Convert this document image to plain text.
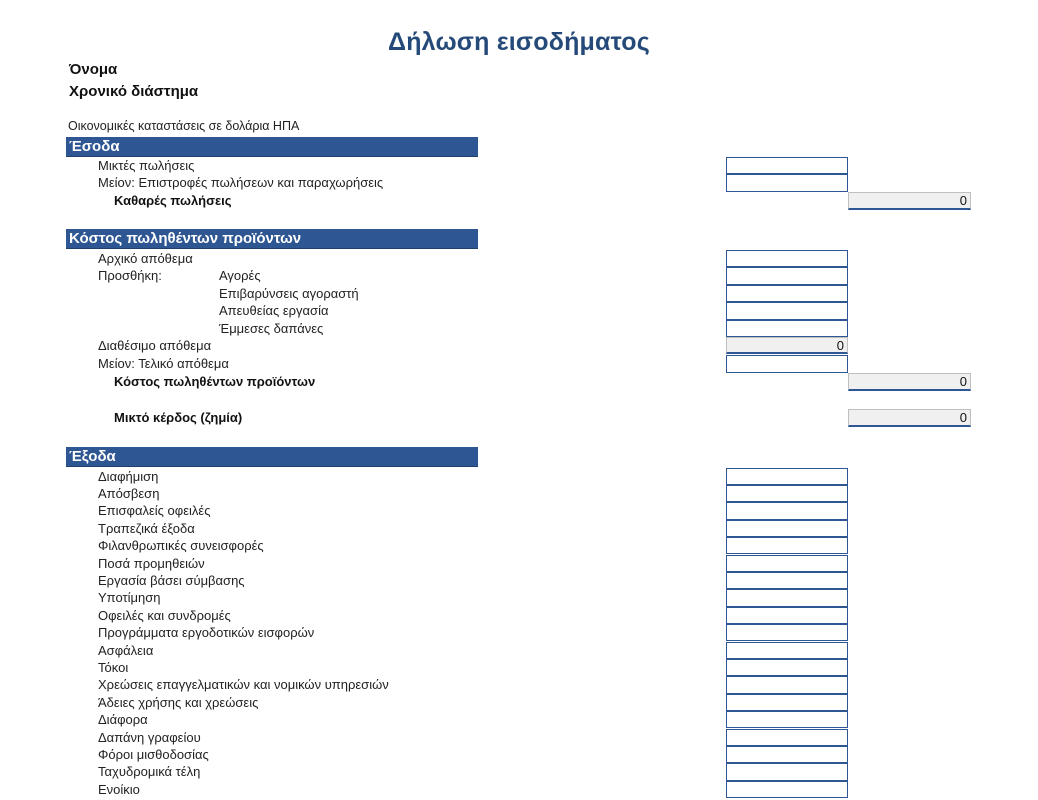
Δήλωση εισοδήματος
Όνομα
Χρονικό διάστημα
Οικονομικές καταστάσεις σε δολάρια ΗΠΑ
Έσοδα
Μικτές πωλήσεις
Μείον: Επιστροφές πωλήσεων και παραχωρήσεις
Καθαρές πωλήσεις	0
Κόστος πωληθέντων προϊόντων
Αρχικό απόθεμα
Προσθήκη:	Αγορές
Επιβαρύνσεις αγοραστή
Απευθείας εργασία
Έμμεσες δαπάνες
Διαθέσιμο απόθεμα	0
Μείον: Τελικό απόθεμα
Κόστος πωληθέντων προϊόντων	0
Μικτό κέρδος (ζημία)	0
Έξοδα
Διαφήμιση
Απόσβεση
Επισφαλείς οφειλές
Τραπεζικά έξοδα
Φιλανθρωπικές συνεισφορές
Ποσά προμηθειών
Εργασία βάσει σύμβασης
Υποτίμηση
Οφειλές και συνδρομές
Προγράμματα εργοδοτικών εισφορών
Ασφάλεια
Τόκοι
Χρεώσεις επαγγελματικών και νομικών υπηρεσιών
Άδειες χρήσης και χρεώσεις
Διάφορα
Δαπάνη γραφείου
Φόροι μισθοδοσίας
Ταχυδρομικά τέλη
Ενοίκιο
